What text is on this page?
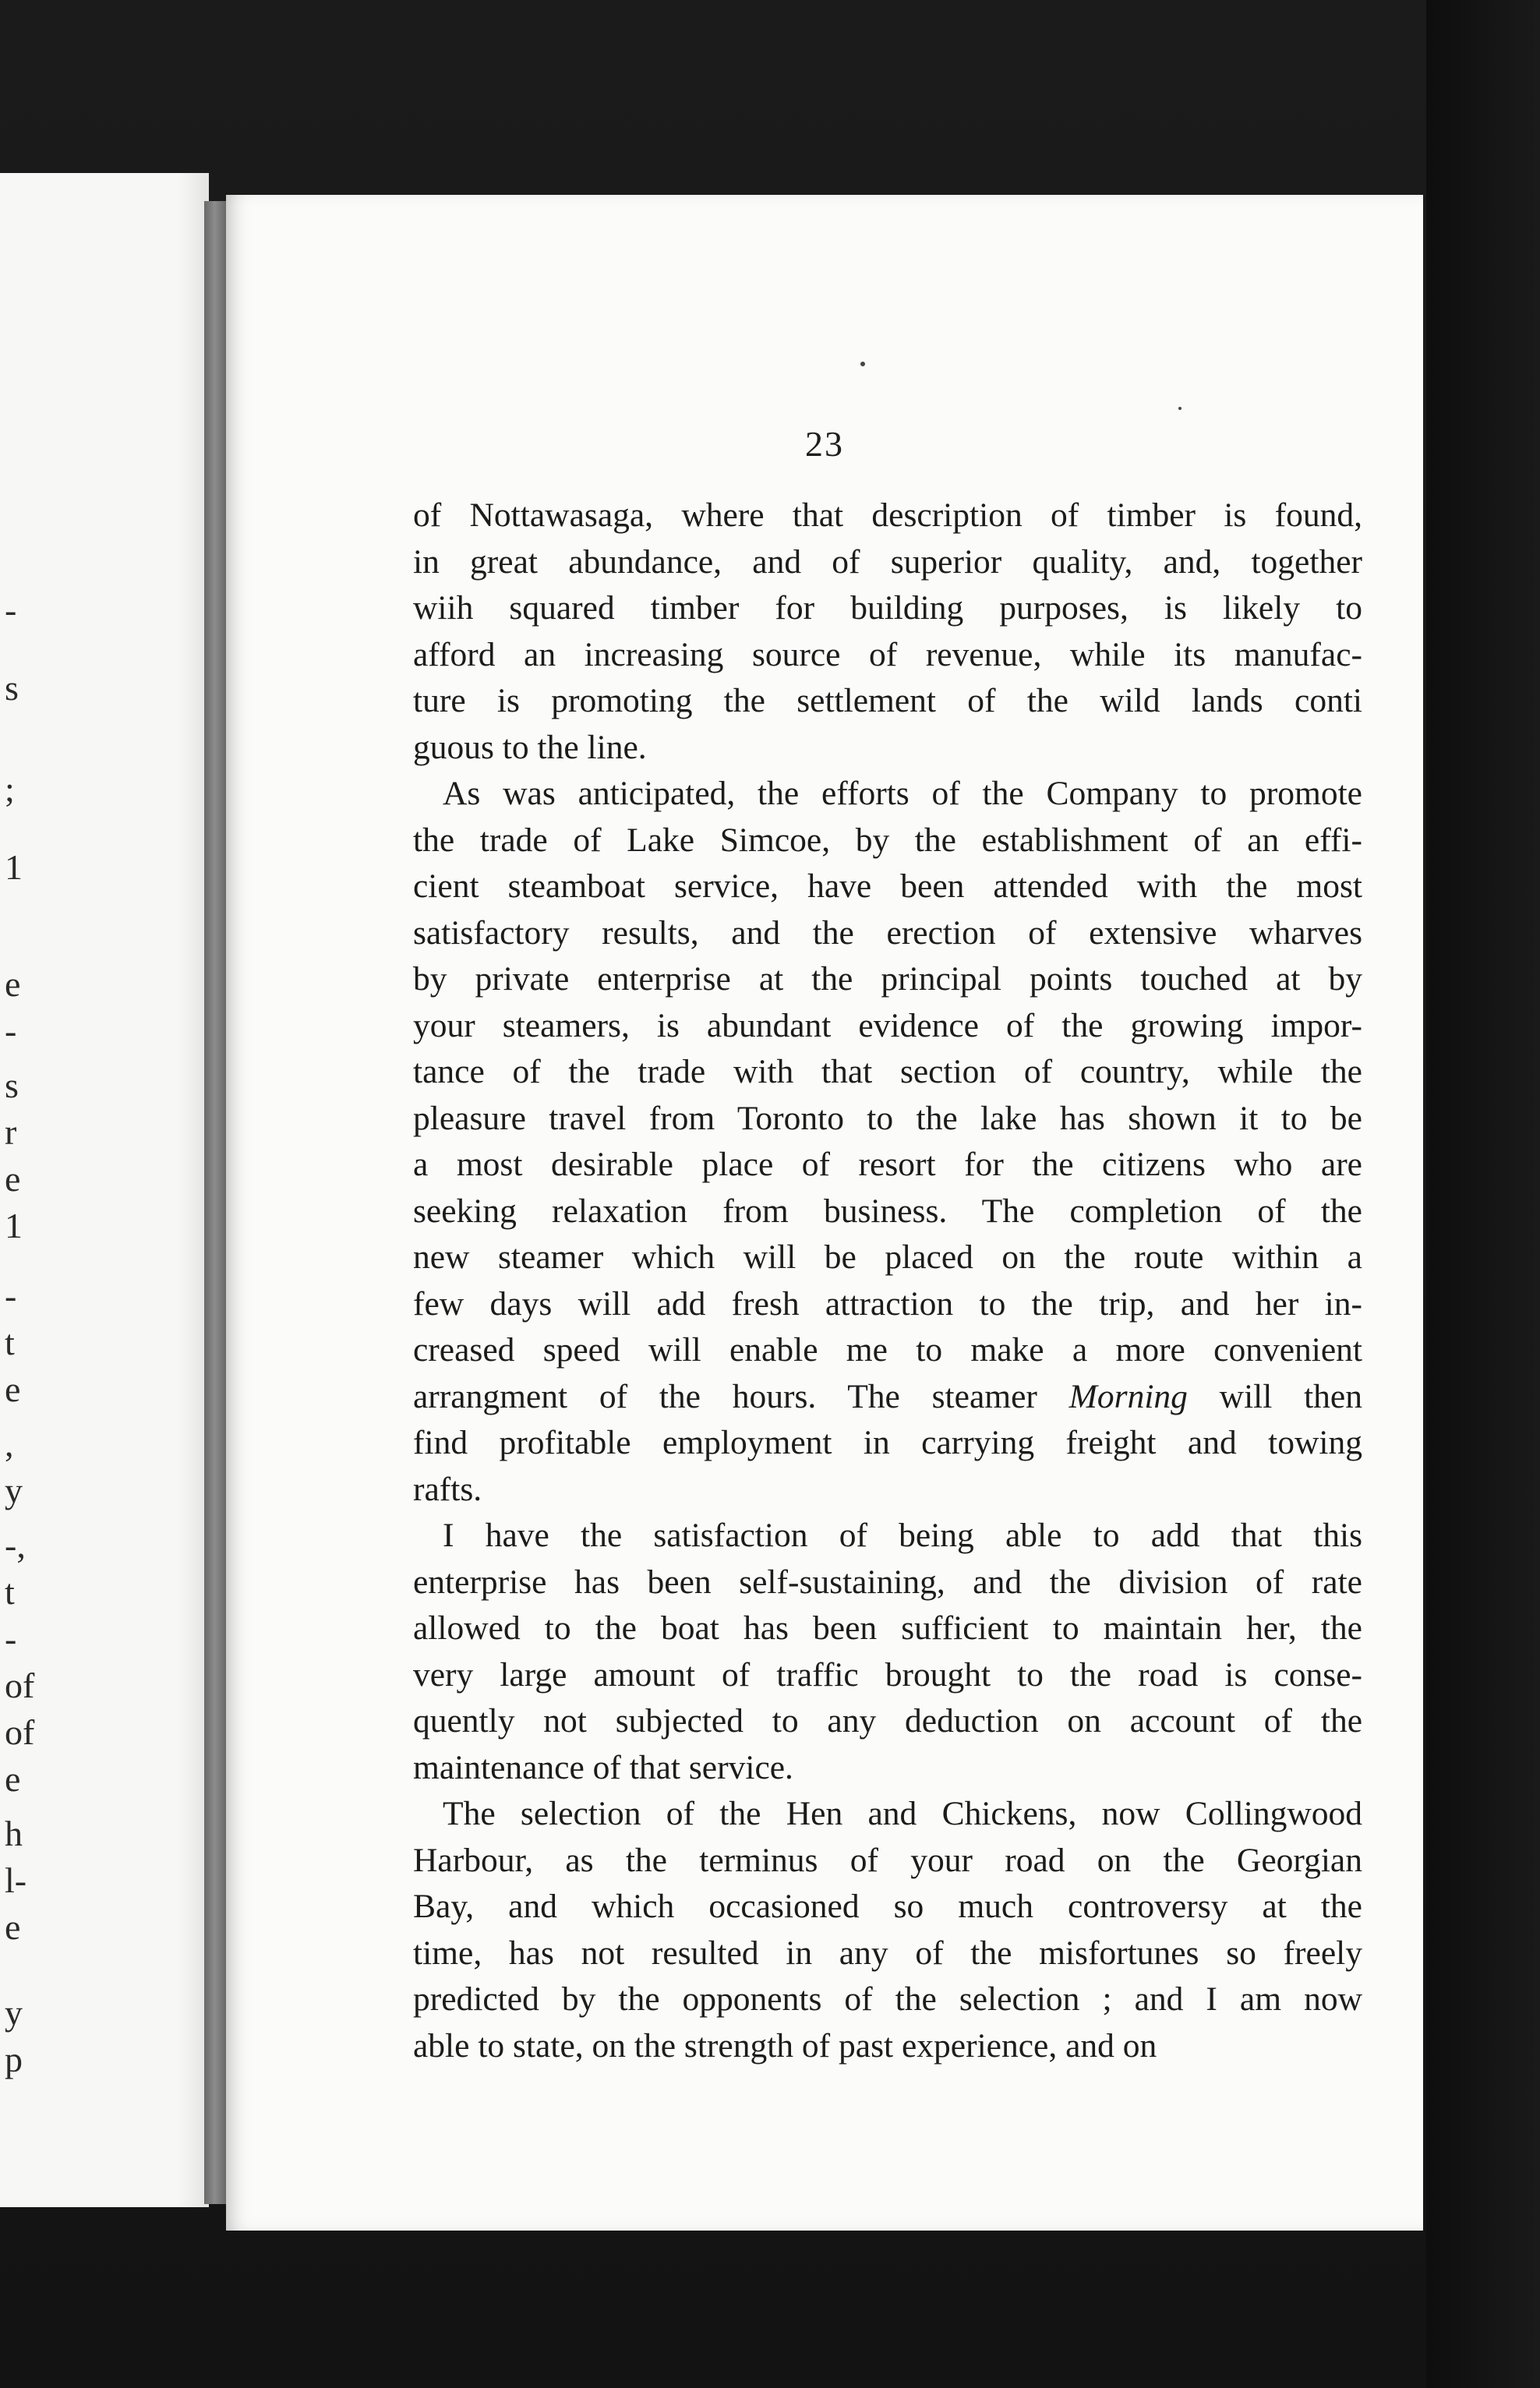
-
s
;
1
e
-
s
r
e
1
-
t
e
,
y
-,
t
-
of
of
e
h
l-
e
y
p
23
of Nottawasaga, where that description of timber is found,
in great abundance, and of superior quality, and, together
wiih squared timber for building purposes, is likely to
afford an increasing source of revenue, while its manufac-
ture is promoting the settlement of the wild lands conti
guous to the line.
As was anticipated, the efforts of the Company to promote
the trade of Lake Simcoe, by the establishment of an effi-
cient steamboat service, have been attended with the most
satisfactory results, and the erection of extensive wharves
by private enterprise at the principal points touched at by
your steamers, is abundant evidence of the growing impor-
tance of the trade with that section of country, while the
pleasure travel from Toronto to the lake has shown it to be
a most desirable place of resort for the citizens who are
seeking relaxation from business. The completion of the
new steamer which will be placed on the route within a
few days will add fresh attraction to the trip, and her in-
creased speed will enable me to make a more convenient
arrangment of the hours. The steamer Morning will then
find profitable employment in carrying freight and towing
rafts.
I have the satisfaction of being able to add that this
enterprise has been self-sustaining, and the division of rate
allowed to the boat has been sufficient to maintain her, the
very large amount of traffic brought to the road is conse-
quently not subjected to any deduction on account of the
maintenance of that service.
The selection of the Hen and Chickens, now Collingwood
Harbour, as the terminus of your road on the Georgian
Bay, and which occasioned so much controversy at the
time, has not resulted in any of the misfortunes so freely
predicted by the opponents of the selection ; and I am now
able to state, on the strength of past experience, and on
